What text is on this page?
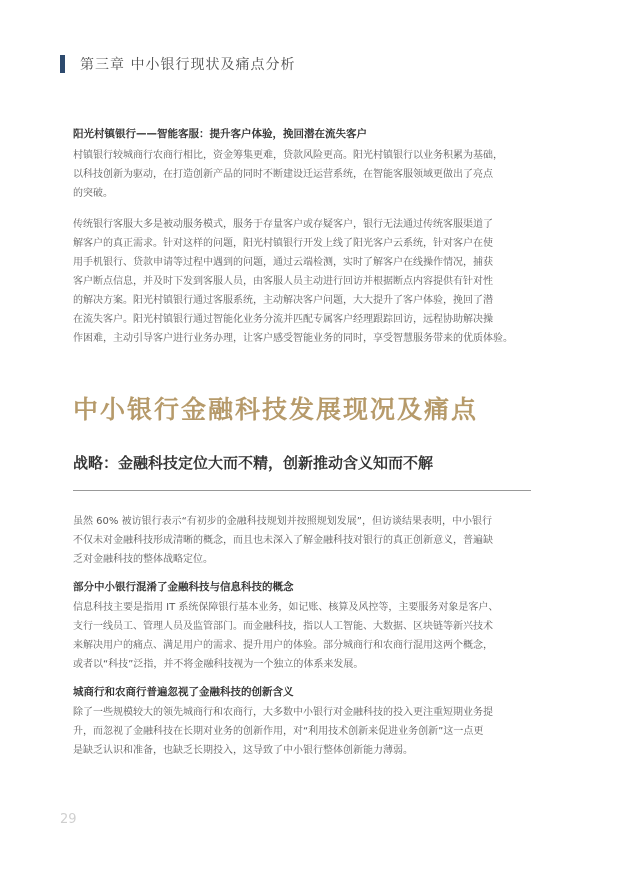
第三章 中小银行现状及痛点分析
阳光村镇银行——智能客服：提升客户体验，挽回潜在流失客户

村镇银行较城商行农商行相比，资金筹集更难，贷款风险更高。阳光村镇银行以业务积累为基础，

以科技创新为驱动，在打造创新产品的同时不断建设迁运营系统，在智能客服领域更做出了亮点

的突破。

传统银行客服大多是被动服务模式，服务于存量客户或存疑客户，银行无法通过传统客服渠道了

解客户的真正需求。针对这样的问题，阳光村镇银行开发上线了阳光客户云系统，针对客户在使

用手机银行、贷款申请等过程中遇到的问题，通过云端检测，实时了解客户在线操作情况，捕获

客户断点信息，并及时下发到客服人员，由客服人员主动进行回访并根据断点内容提供有针对性

的解决方案。阳光村镇银行通过客服系统，主动解决客户问题，大大提升了客户体验，挽回了潜

在流失客户。阳光村镇银行通过智能化业务分流并匹配专属客户经理跟踪回访，远程协助解决操

作困难，主动引导客户进行业务办理，让客户感受智能业务的同时，享受智慧服务带来的优质体验。

中小银行金融科技发展现况及痛点
战略：金融科技定位大而不精，创新推动含义知而不解

虽然 60% 被访银行表示“有初步的金融科技规划并按照规划发展”，但访谈结果表明，中小银行

不仅未对金融科技形成清晰的概念，而且也未深入了解金融科技对银行的真正创新意义，普遍缺

乏对金融科技的整体战略定位。

部分中小银行混淆了金融科技与信息科技的概念

信息科技主要是指用 IT 系统保障银行基本业务，如记账、核算及风控等，主要服务对象是客户、

支行一线员工、管理人员及监管部门。而金融科技，指以人工智能、大数据、区块链等新兴技术

来解决用户的痛点、满足用户的需求、提升用户的体验。部分城商行和农商行混用这两个概念，

或者以“科技”泛指，并不将金融科技视为一个独立的体系来发展。

城商行和农商行普遍忽视了金融科技的创新含义

除了一些规模较大的领先城商行和农商行，大多数中小银行对金融科技的投入更注重短期业务提

升，而忽视了金融科技在长期对业务的创新作用，对“利用技术创新来促进业务创新”这一点更

是缺乏认识和准备，也缺乏长期投入，这导致了中小银行整体创新能力薄弱。

29
